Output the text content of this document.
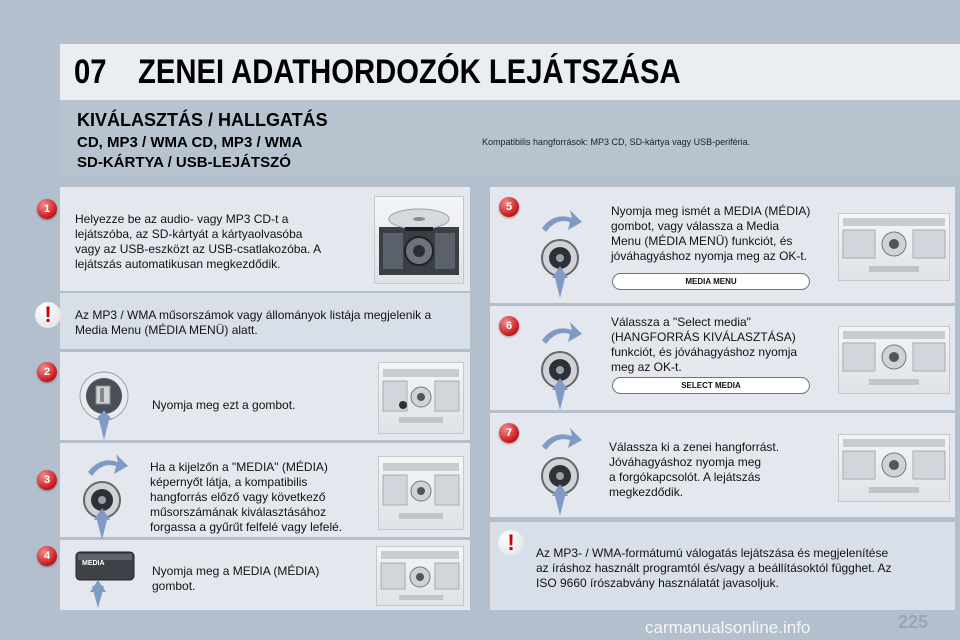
07 ZENEI ADATHORDOZÓK LEJÁTSZÁSA
KIVÁLASZTÁS / HALLGATÁS
CD, MP3 / WMA CD, MP3 / WMA
SD-KÁRTYA / USB-LEJÁTSZÓ
Kompatibilis hangforrások: MP3 CD, SD-kártya vagy USB-periféria.
1
Helyezze be az audio- vagy MP3 CD-t a
lejátszóba, az SD-kártyát a kártyaolvasóba
vagy az USB-eszközt az USB-csatlakozóba. A
lejátszás automatikusan megkezdődik.
!	Az MP3 / WMA műsorszámok vagy állományok listája megjelenik a
Media Menu (MÉDIA MENÜ) alatt.
2
Nyomja meg ezt a gombot.
3
Ha a kijelzőn a "MEDIA" (MÉDIA)
képernyőt látja, a kompatibilis
hangforrás előző vagy következő
műsorszámának kiválasztásához
forgassa a gyűrűt felfelé vagy lefelé.
4
MEDIA
Nyomja meg a MEDIA (MÉDIA)
gombot.
5	Nyomja meg ismét a MEDIA (MÉDIA)
gombot, vagy válassza a Media
Menu (MÉDIA MENÜ) funkciót, és
jóváhagyáshoz nyomja meg az OK-t.
MEDIA MENU
6	Válassza a "Select media"
(HANGFORRÁS KIVÁLASZTÁSA)
funkciót, és jóváhagyáshoz nyomja
meg az OK-t.
SELECT MEDIA
7
Válassza ki a zenei hangforrást.
Jóváhagyáshoz nyomja meg
a forgókapcsolót. A lejátszás
megkezdődik.
!	Az MP3- / WMA-formátumú válogatás lejátszása és megjelenítése
az íráshoz használt programtól és/vagy a beállításoktól függhet. Az
ISO 9660 írószabvány használatát javasoljuk.
carmanualsonline.info	225
